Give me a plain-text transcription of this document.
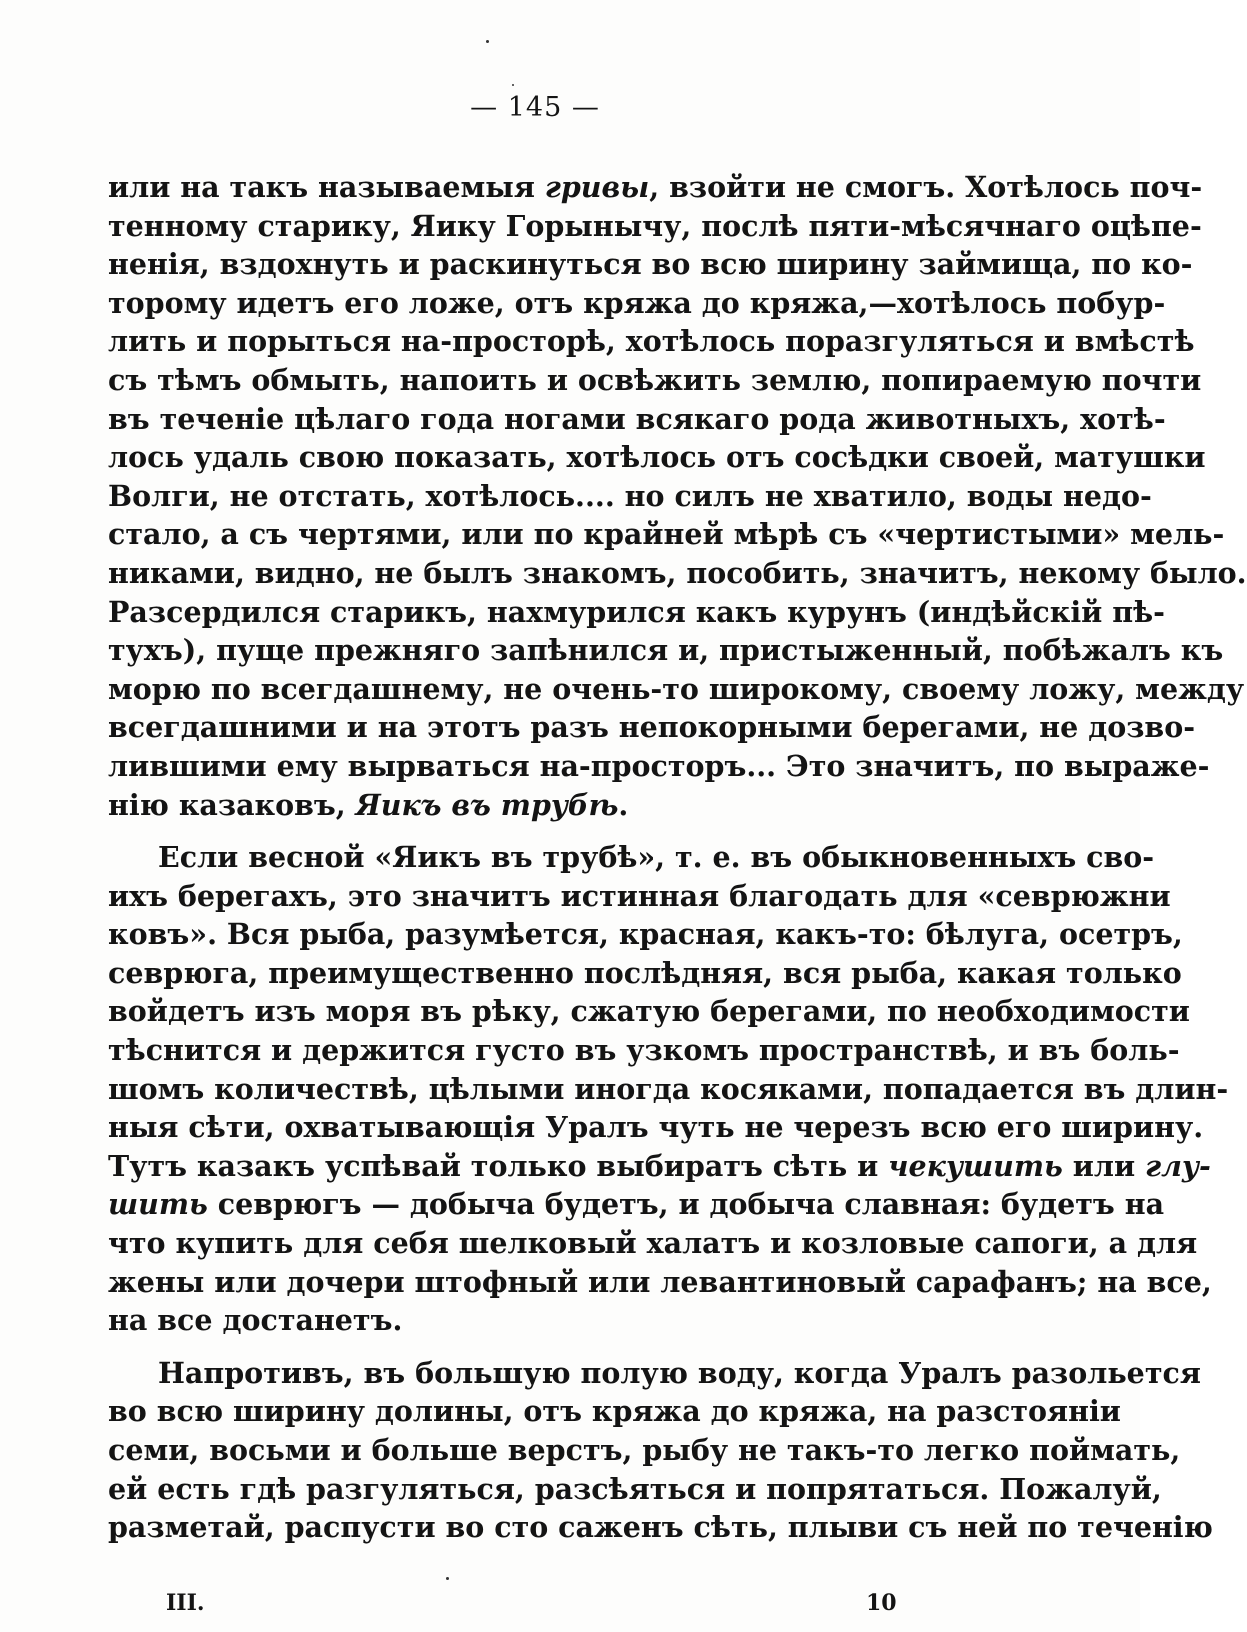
— 145 —
или на такъ называемыя гривы, взойти не смогъ. Хотѣлось поч-
тенному старику, Яику Горынычу, послѣ пяти-мѣсячнаго оцѣпе-
ненія, вздохнуть и раскинуться во всю ширину займища, по ко-
торому идетъ его ложе, отъ кряжа до кряжа,—хотѣлось побур-
лить и порыться на-просторѣ, хотѣлось поразгуляться и вмѣстѣ
съ тѣмъ обмыть, напоить и освѣжить землю, попираемую почти
въ теченіе цѣлаго года ногами всякаго рода животныхъ, хотѣ-
лось удаль свою показать, хотѣлось отъ сосѣдки своей, матушки
Волги, не отстать, хотѣлось.... но силъ не хватило, воды недо-
стало, а съ чертями, или по крайней мѣрѣ съ «чертистыми» мель-
никами, видно, не былъ знакомъ, пособить, значитъ, некому было.
Разсердился старикъ, нахмурился какъ курунъ (индѣйскій пѣ-
тухъ), пуще прежняго запѣнился и, пристыженный, побѣжалъ къ
морю по всегдашнему, не очень-то широкому, своему ложу, между
всегдашними и на этотъ разъ непокорными берегами, не дозво-
лившими ему вырваться на-просторъ... Это значитъ, по выраже-
нію казаковъ, Яикъ въ трубѣ.
Если весной «Яикъ въ трубѣ», т. е. въ обыкновенныхъ сво-
ихъ берегахъ, это значитъ истинная благодать для «севрюжни
ковъ». Вся рыба, разумѣется, красная, какъ-то: бѣлуга, осетръ,
севрюга, преимущественно послѣдняя, вся рыба, какая только
войдетъ изъ моря въ рѣку, сжатую берегами, по необходимости
тѣснится и держится густо въ узкомъ пространствѣ, и въ боль-
шомъ количествѣ, цѣлыми иногда косяками, попадается въ длин-
ныя сѣти, охватывающія Уралъ чуть не черезъ всю его ширину.
Тутъ казакъ успѣвай только выбиратъ сѣть и чекушить или глу-
шить севрюгъ — добыча будетъ, и добыча славная: будетъ на
что купить для себя шелковый халатъ и козловые сапоги, а для
жены или дочери штофный или левантиновый сарафанъ; на все,
на все достанетъ.
Напротивъ, въ большую полую воду, когда Уралъ разольется
во всю ширину долины, отъ кряжа до кряжа, на разстояніи
семи, восьми и больше верстъ, рыбу не такъ-то легко поймать,
ей есть гдѣ разгуляться, разсѣяться и попрятаться. Пожалуй,
разметай, распусти во сто саженъ сѣть, плыви съ ней по теченію
III.	10
